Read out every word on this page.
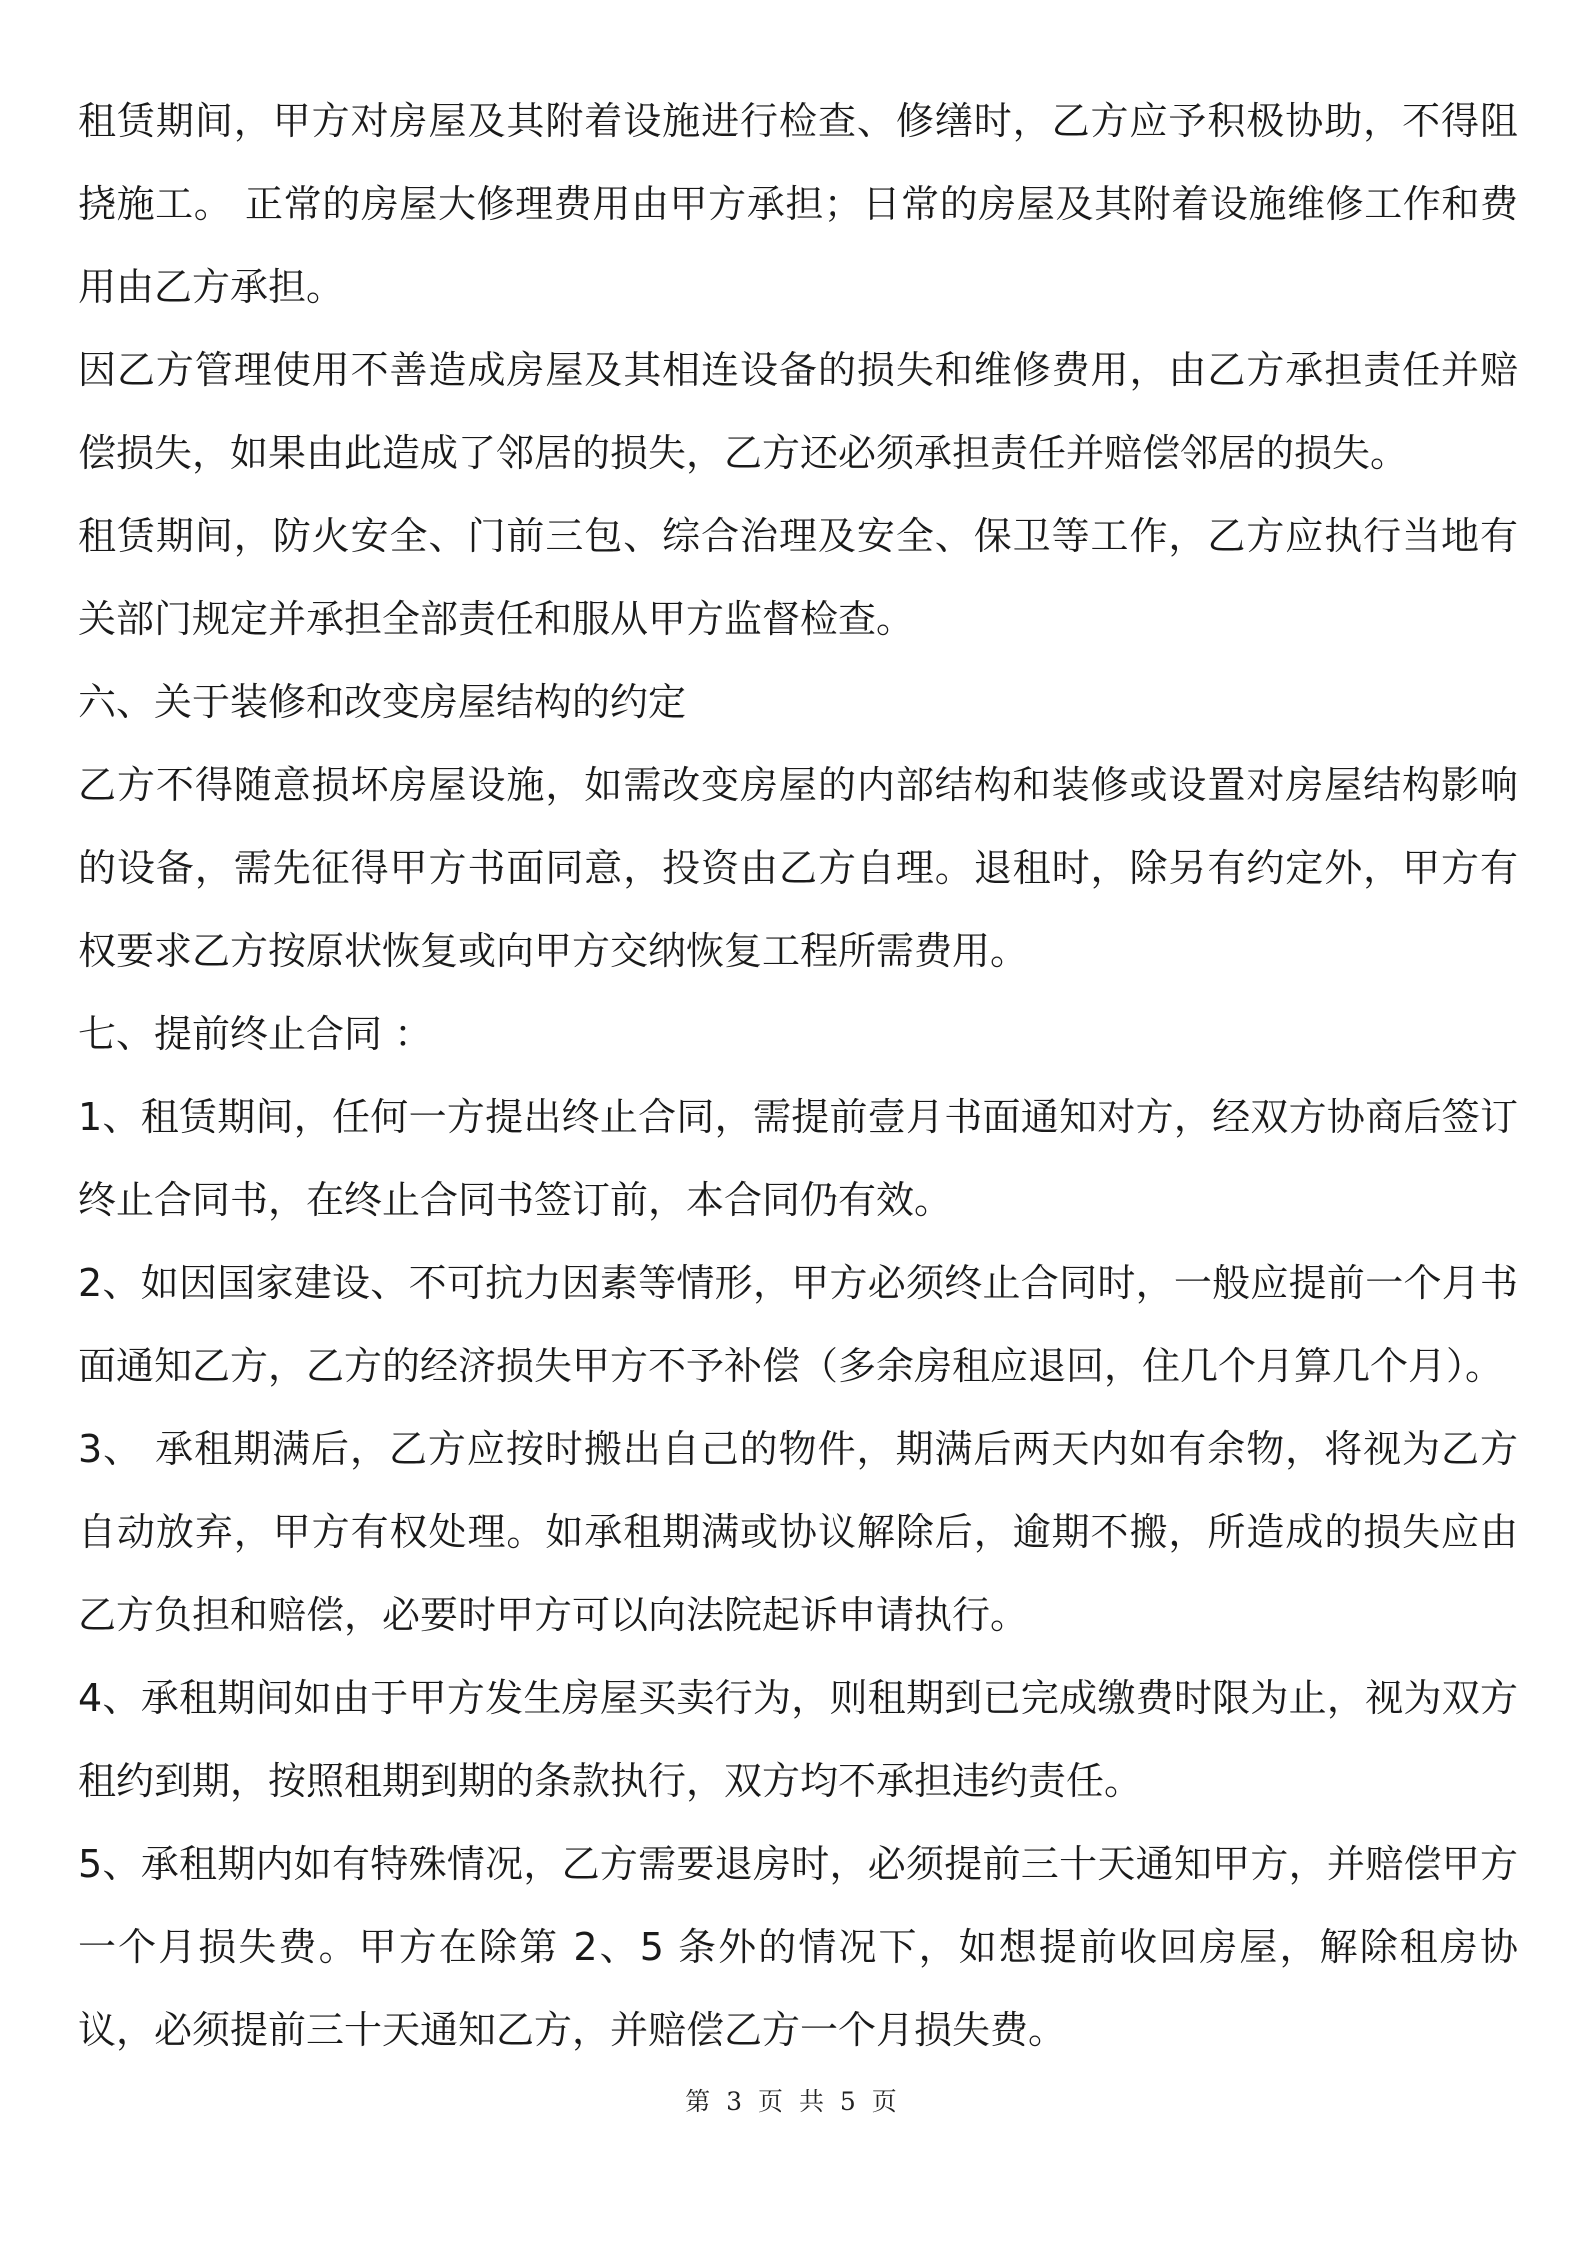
租赁期间，甲方对房屋及其附着设施进行检查、修缮时，乙方应予积极协助，不得阻挠施工。 正常的房屋大修理费用由甲方承担；日常的房屋及其附着设施维修工作和费用由乙方承担。

因乙方管理使用不善造成房屋及其相连设备的损失和维修费用，由乙方承担责任并赔偿损失，如果由此造成了邻居的损失，乙方还必须承担责任并赔偿邻居的损失。

租赁期间，防火安全、门前三包、综合治理及安全、保卫等工作，乙方应执行当地有关部门规定并承担全部责任和服从甲方监督检查。

六、关于装修和改变房屋结构的约定

乙方不得随意损坏房屋设施，如需改变房屋的内部结构和装修或设置对房屋结构影响的设备，需先征得甲方书面同意，投资由乙方自理。退租时，除另有约定外，甲方有权要求乙方按原状恢复或向甲方交纳恢复工程所需费用。

七、提前终止合同 ：

1、租赁期间，任何一方提出终止合同，需提前壹月书面通知对方，经双方协商后签订终止合同书，在终止合同书签订前，本合同仍有效。

2、如因国家建设、不可抗力因素等情形，甲方必须终止合同时，一般应提前一个月书面通知乙方，乙方的经济损失甲方不予补偿（多余房租应退回，住几个月算几个月）。

3、 承租期满后，乙方应按时搬出自己的物件，期满后两天内如有余物，将视为乙方自动放弃，甲方有权处理。如承租期满或协议解除后，逾期不搬，所造成的损失应由乙方负担和赔偿，必要时甲方可以向法院起诉申请执行。

4、承租期间如由于甲方发生房屋买卖行为，则租期到已完成缴费时限为止，视为双方租约到期，按照租期到期的条款执行，双方均不承担违约责任。

5、承租期内如有特殊情况，乙方需要退房时，必须提前三十天通知甲方，并赔偿甲方一个月损失费。甲方在除第 2、5 条外的情况下，如想提前收回房屋，解除租房协议，必须提前三十天通知乙方，并赔偿乙方一个月损失费。

第 3 页 共 5 页
